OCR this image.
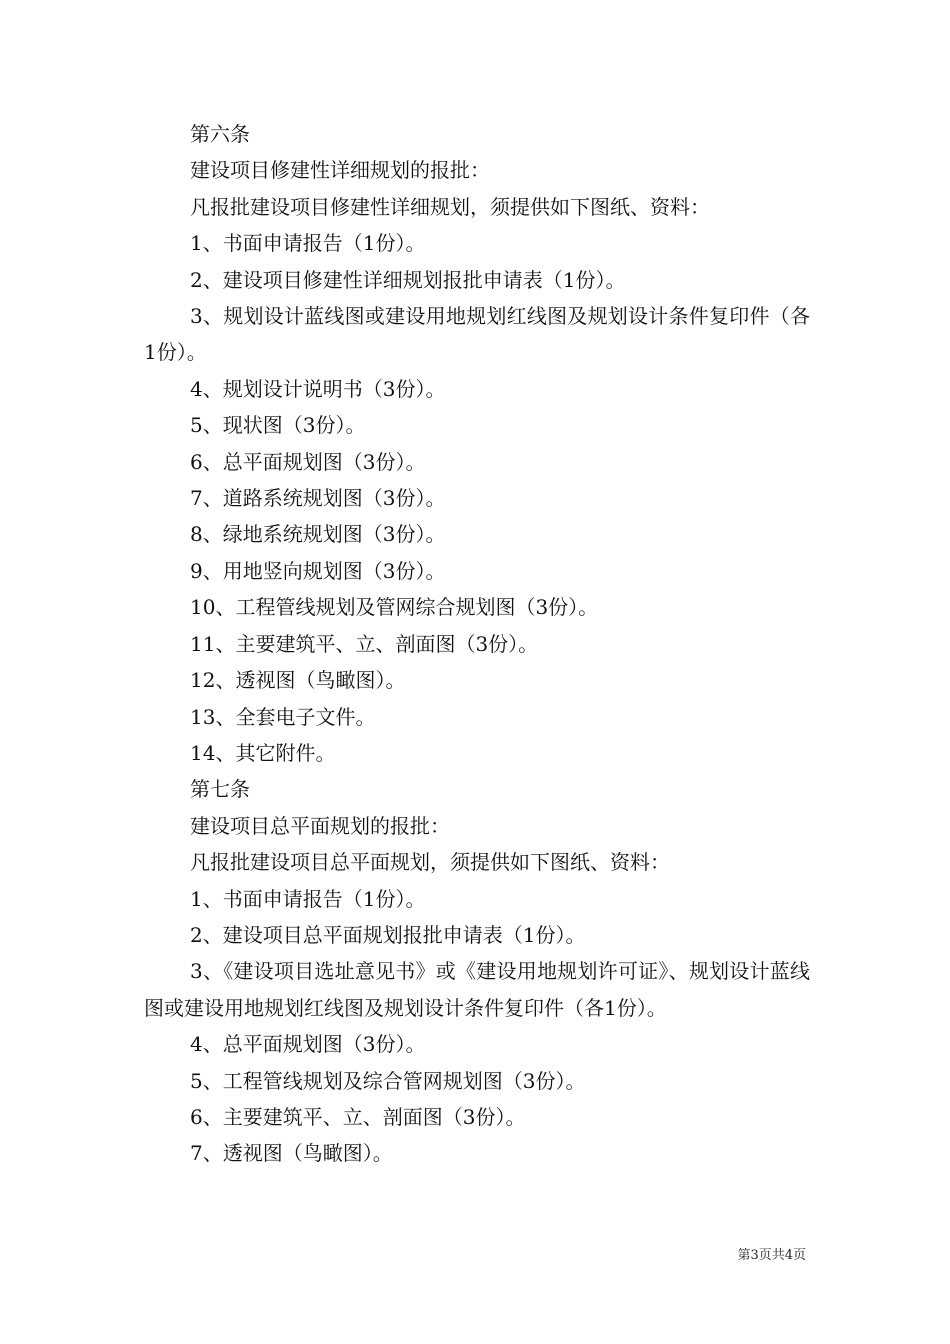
第六条

建设项目修建性详细规划的报批：

凡报批建设项目修建性详细规划，须提供如下图纸、资料：

1、书面申请报告（1份）。

2、建设项目修建性详细规划报批申请表（1份）。

3、规划设计蓝线图或建设用地规划红线图及规划设计条件复印件（各1份）。

4、规划设计说明书（3份）。

5、现状图（3份）。

6、总平面规划图（3份）。

7、道路系统规划图（3份）。

8、绿地系统规划图（3份）。

9、用地竖向规划图（3份）。

10、工程管线规划及管网综合规划图（3份）。

11、主要建筑平、立、剖面图（3份）。

12、透视图（鸟瞰图）。

13、全套电子文件。

14、其它附件。

第七条

建设项目总平面规划的报批：

凡报批建设项目总平面规划，须提供如下图纸、资料：

1、书面申请报告（1份）。

2、建设项目总平面规划报批申请表（1份）。

3、《建设项目选址意见书》或《建设用地规划许可证》、规划设计蓝线图或建设用地规划红线图及规划设计条件复印件（各1份）。

4、总平面规划图（3份）。

5、工程管线规划及综合管网规划图（3份）。

6、主要建筑平、立、剖面图（3份）。

7、透视图（鸟瞰图）。

第3页共4页
